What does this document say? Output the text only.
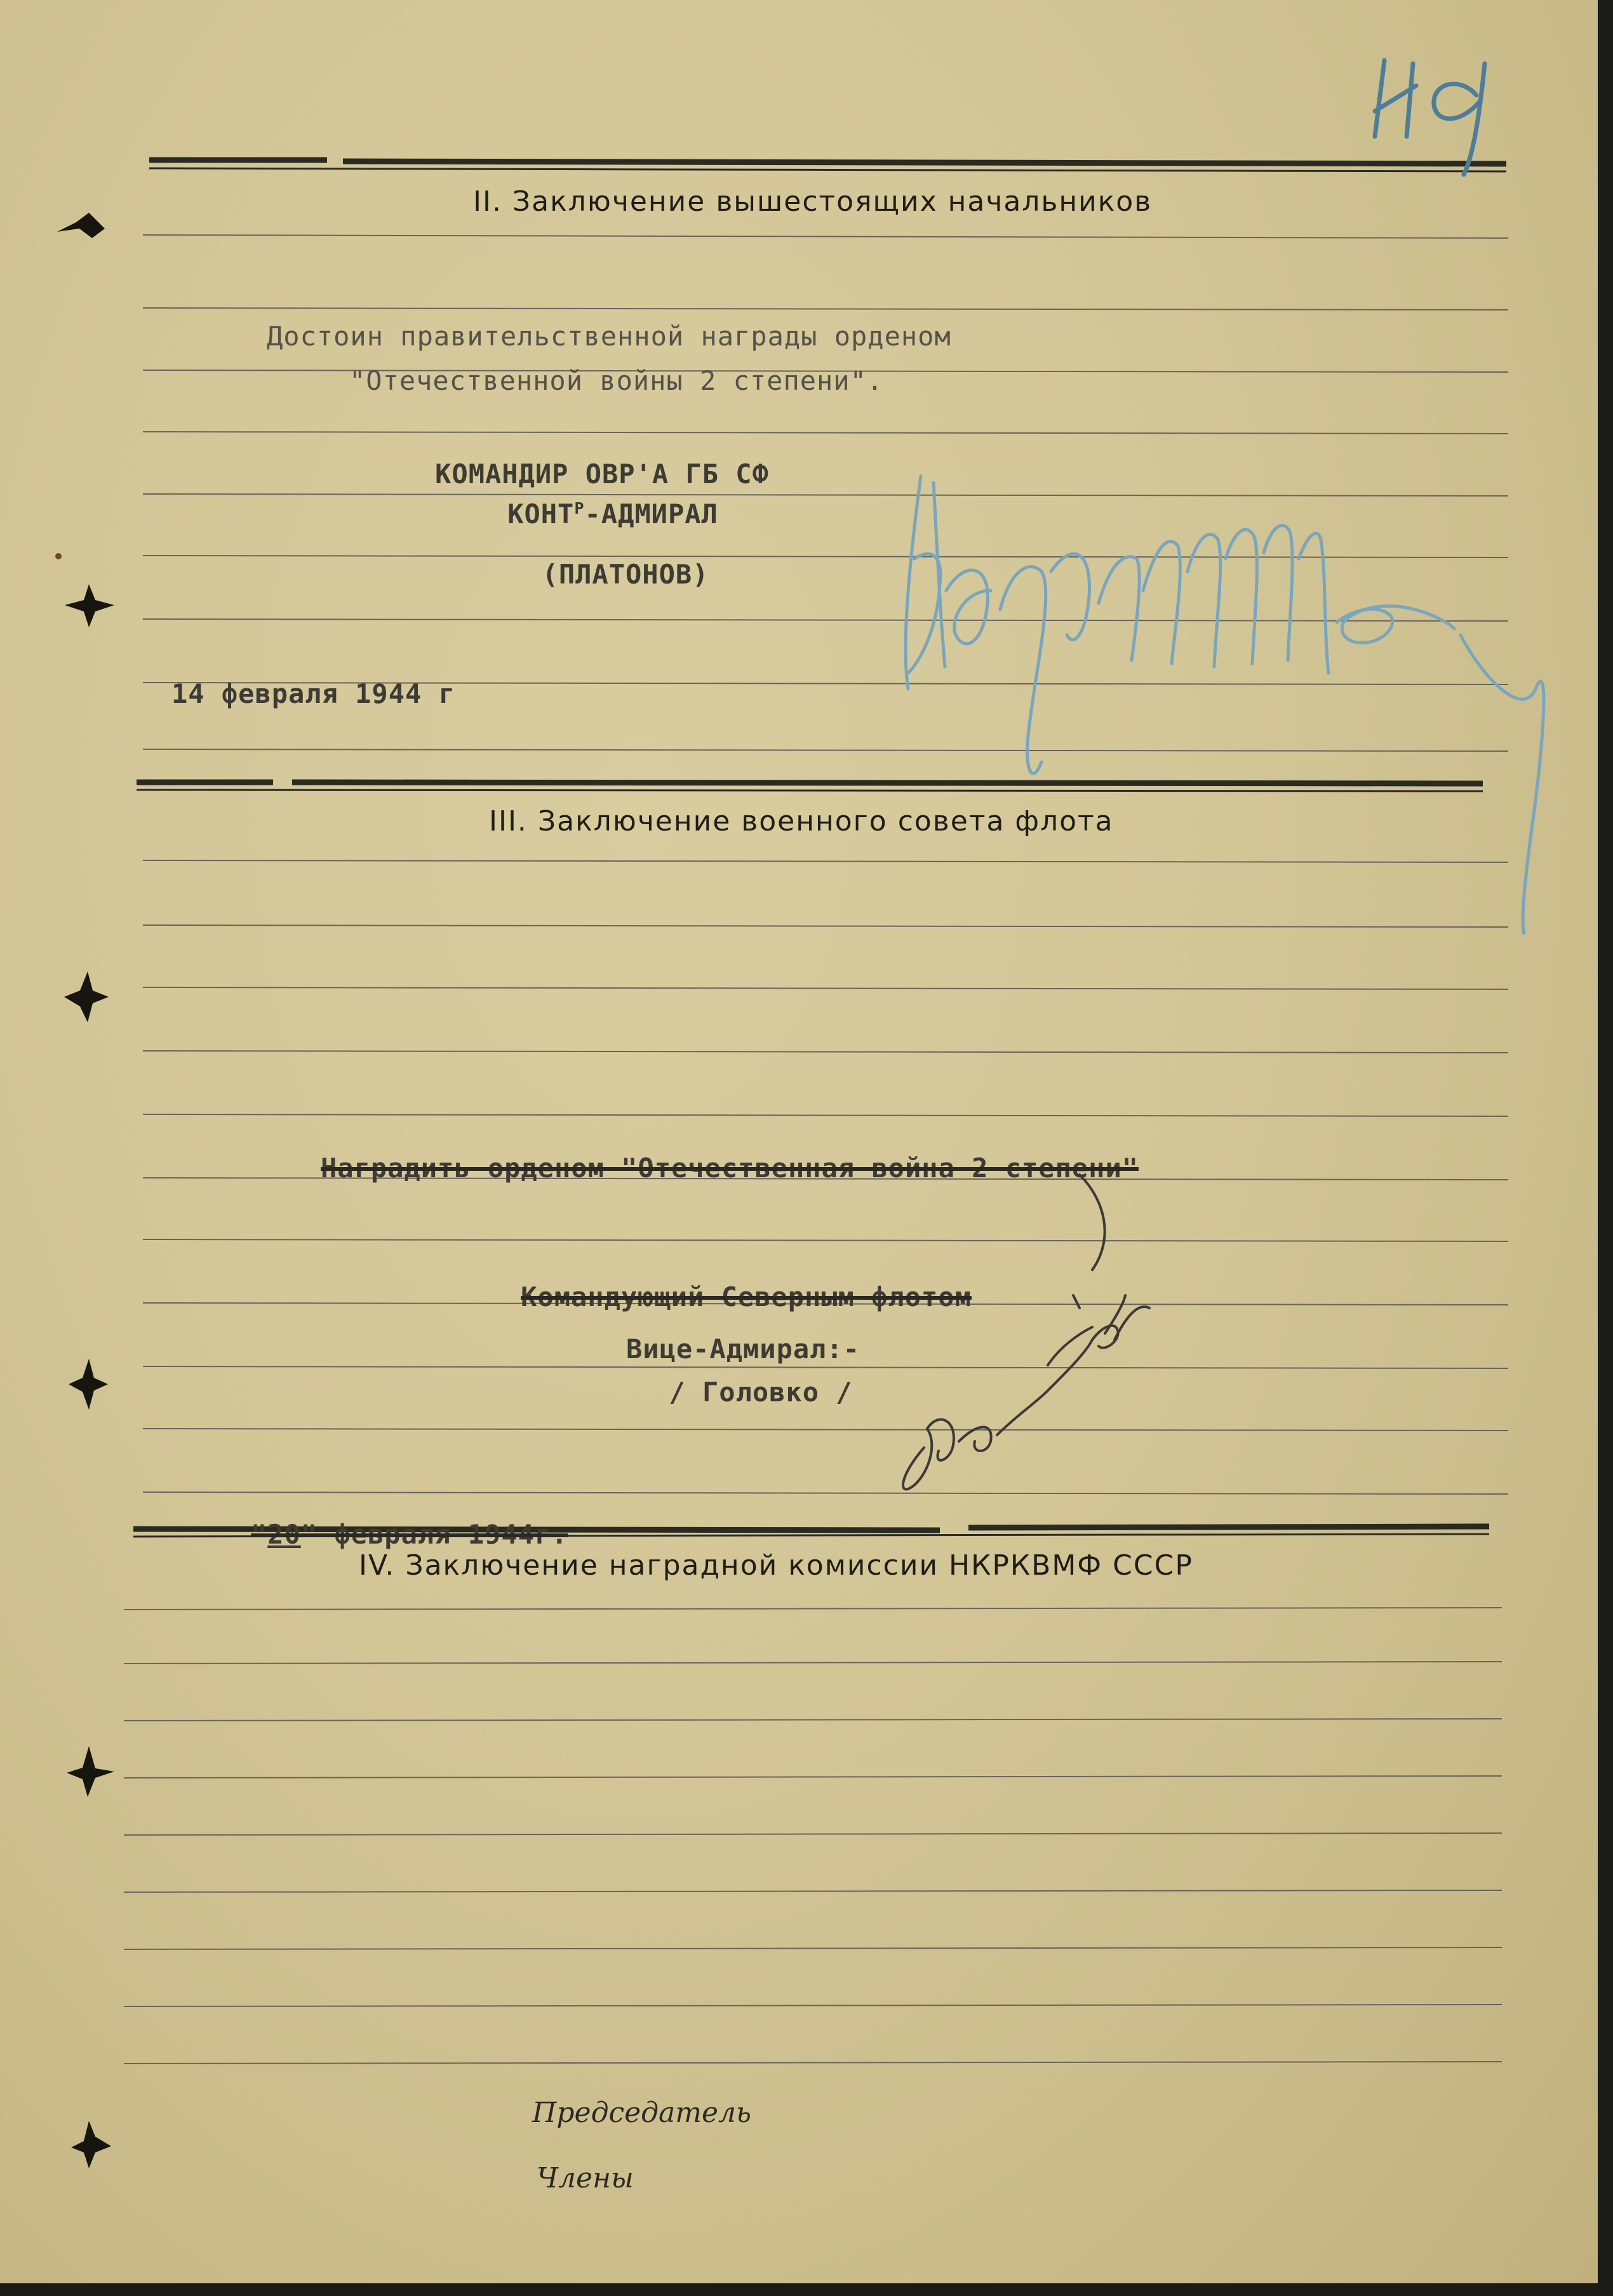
II. Заключение вышестоящих начальников
Достоин правительственной награды орденом
"Отечественной войны 2 степени".
КОМАНДИР ОВР'А ГБ СФ
$КОНТ^Р$-АДМИРАЛ
(ПЛАТОНОВ)
14 февраля 1944 г
III. Заключение военного совета флота
Наградить орденом "Отечественная война 2 степени"
Командующий Северным флотом
Вице-Адмирал:-
/ Головко /
"20" февраля 1944г.
IV. Заключение наградной комиссии НКРКВМФ СССР
Председатель
Члены
